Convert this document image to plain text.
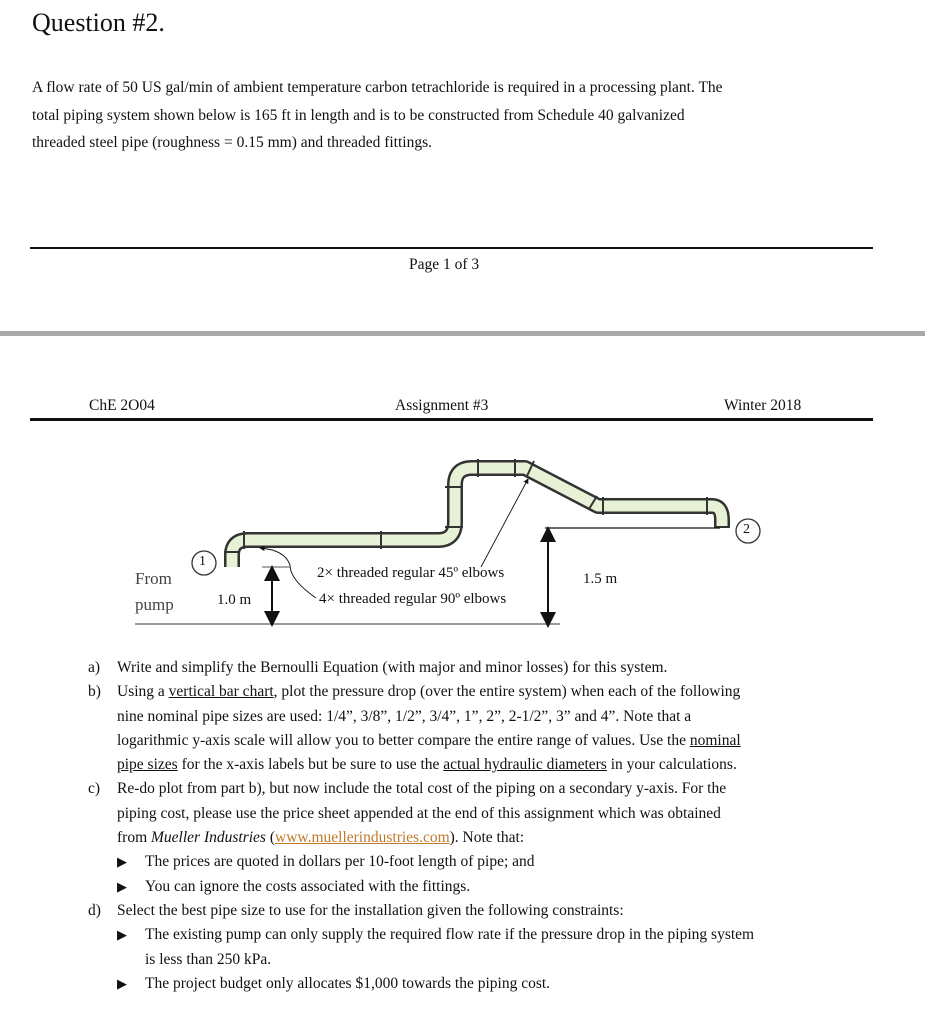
Question #2.
A flow rate of 50 US gal/min of ambient temperature carbon tetrachloride is required in a processing plant. The
total piping system shown below is 165 ft in length and is to be constructed from Schedule 40 galvanized
threaded steel pipe (roughness = 0.15 mm) and threaded fittings.
Page 1 of 3
ChE 2O04	Assignment #3	Winter 2018
1
2
From
pump	1.0 m
1.5 m
2× threaded regular 45º elbows
4× threaded regular 90º elbows
a) Write and simplify the Bernoulli Equation (with major and minor losses) for this system.
b) Using a vertical bar chart, plot the pressure drop (over the entire system) when each of the following
nine nominal pipe sizes are used: 1/4”, 3/8”, 1/2”, 3/4”, 1”, 2”, 2-1/2”, 3” and 4”. Note that a
logarithmic y-axis scale will allow you to better compare the entire range of values. Use the nominal
pipe sizes for the x-axis labels but be sure to use the actual hydraulic diameters in your calculations.
c) Re-do plot from part b), but now include the total cost of the piping on a secondary y-axis. For the
piping cost, please use the price sheet appended at the end of this assignment which was obtained
from Mueller Industries (www.muellerindustries.com). Note that:
▶ The prices are quoted in dollars per 10-foot length of pipe; and
▶ You can ignore the costs associated with the fittings.
d) Select the best pipe size to use for the installation given the following constraints:
▶ The existing pump can only supply the required flow rate if the pressure drop in the piping system
is less than 250 kPa.
▶ The project budget only allocates $1,000 towards the piping cost.
